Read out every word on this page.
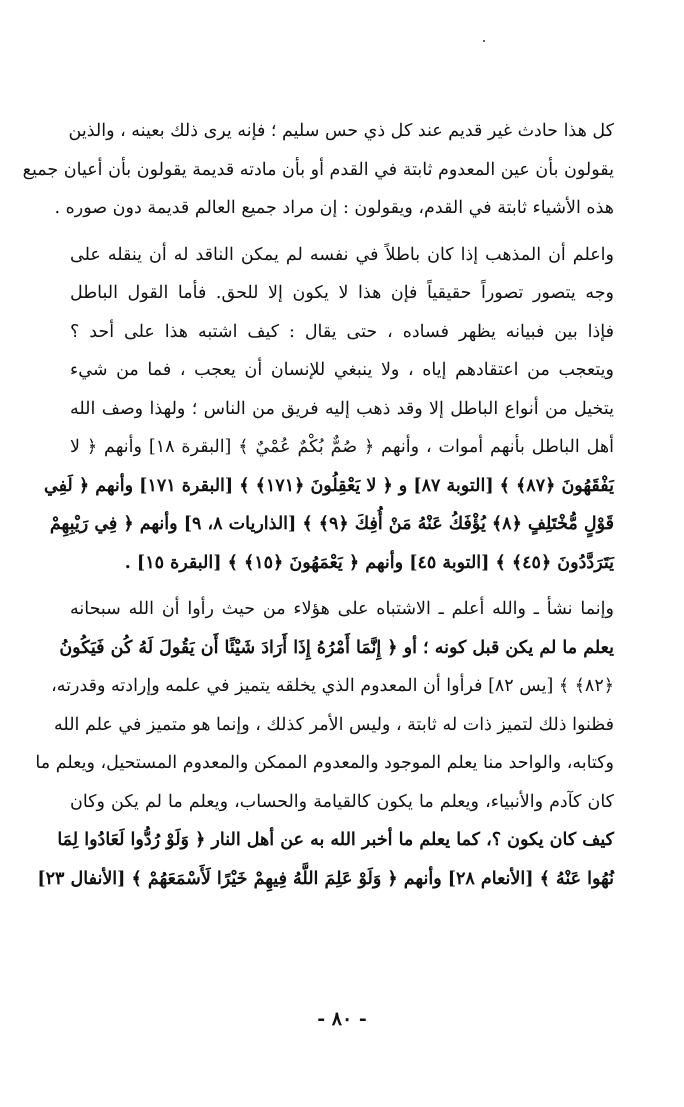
كل هذا حادث غير قديم عند كل ذي حس سليم ؛ فإنه يرى ذلك بعينه ، والذين
يقولون بأن عين المعدوم ثابتة في القدم أو بأن مادته قديمة يقولون بأن أعيان جميع
هذه الأشياء ثابتة في القدم، ويقولون : إن مراد جميع العالم قديمة دون صوره .
واعلم أن المذهب إذا كان باطلاً في نفسه لم يمكن الناقد له أن ينقله على
وجه يتصور تصوراً حقيقياً فإن هذا لا يكون إلا للحق. فأما القول الباطل
فإذا بين فبيانه يظهر فساده ، حتى يقال : كيف اشتبه هذا على أحد ؟
ويتعجب من اعتقادهم إياه ، ولا ينبغي للإنسان أن يعجب ، فما من شيء
يتخيل من أنواع الباطل إلا وقد ذهب إليه فريق من الناس ؛ ولهذا وصف الله
أهل الباطل بأنهم أموات ، وأنهم ﴿ صُمٌّ بُكْمٌ عُمْيٌ ﴾ [البقرة ١٨] وأنهم ﴿ لا
يَفْقَهُونَ ﴿٨٧﴾ ﴾ [التوبة ٨٧] و ﴿ لا يَعْقِلُونَ ﴿١٧١﴾ ﴾ [البقرة ١٧١] وأنهم ﴿ لَفِي
قَوْلٍ مُّخْتَلِفٍ ﴿٨﴾ يُؤْفَكُ عَنْهُ مَنْ أُفِكَ ﴿٩﴾ ﴾ [الذاريات ٨، ٩] وأنهم ﴿ فِي رَيْبِهِمْ
يَتَرَدَّدُونَ ﴿٤٥﴾ ﴾ [التوبة ٤٥] وأنهم ﴿ يَعْمَهُونَ ﴿١٥﴾ ﴾ [البقرة ١٥] .
وإنما نشأ ـ والله أعلم ـ الاشتباه على هؤلاء من حيث رأوا أن الله سبحانه
يعلم ما لم يكن قبل كونه ؛ أو ﴿ إِنَّمَا أَمْرُهُ إِذَا أَرَادَ شَيْئًا أَن يَقُولَ لَهُ كُن فَيَكُونُ
﴿٨٢﴾ ﴾ [يس ٨٢] فرأوا أن المعدوم الذي يخلقه يتميز في علمه وإرادته وقدرته،
فظنوا ذلك لتميز ذات له ثابتة ، وليس الأمر كذلك ، وإنما هو متميز في علم الله
وكتابه، والواحد منا يعلم الموجود والمعدوم الممكن والمعدوم المستحيل، ويعلم ما
كان كآدم والأنبياء، ويعلم ما يكون كالقيامة والحساب، ويعلم ما لم يكن وكان
كيف كان يكون ؟، كما يعلم ما أخبر الله به عن أهل النار ﴿ وَلَوْ رُدُّوا لَعَادُوا لِمَا
نُهُوا عَنْهُ ﴾ [الأنعام ٢٨] وأنهم ﴿ وَلَوْ عَلِمَ اللَّهُ فِيهِمْ خَيْرًا لَأَسْمَعَهُمْ ﴾ [الأنفال ٢٣]
- ٨٠ -
